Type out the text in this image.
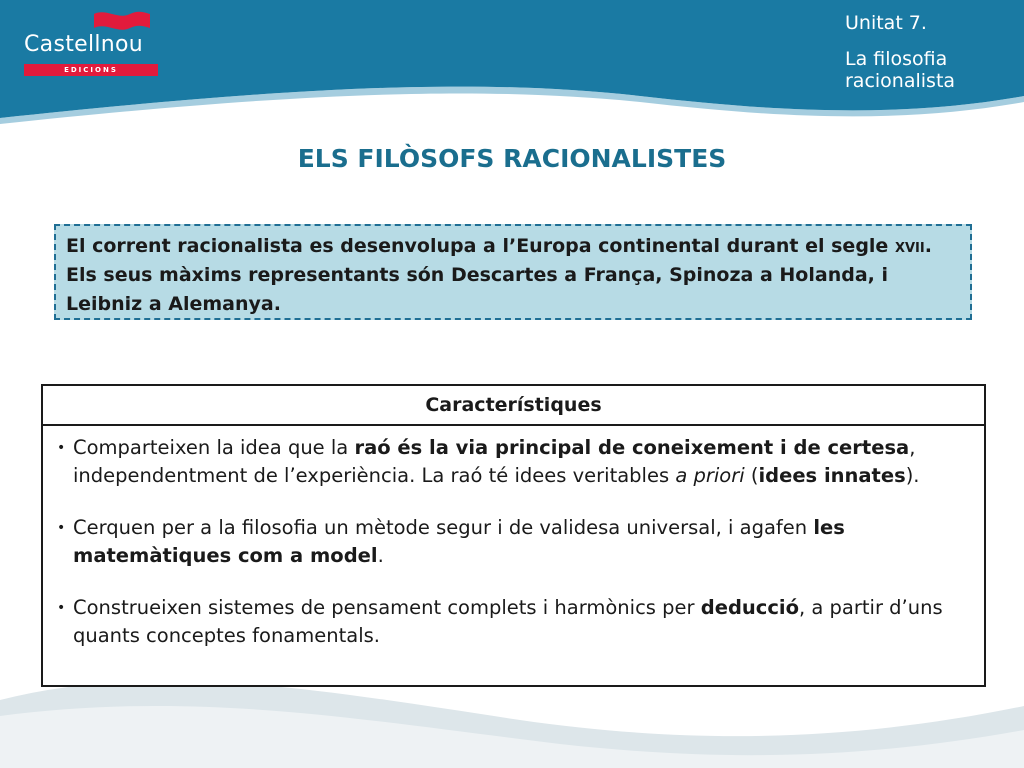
Castellnou
EDICIONS
Unitat 7.
La filosofia racionalista
ELS FILÒSOFS RACIONALISTES

El corrent racionalista es desenvolupa a l’Europa continental durant el segle xvii. Els seus màxims representants són Descartes a França, Spinoza a Holanda, i Leibniz a Alemanya.

Característiques
• Comparteixen la idea que la raó és la via principal de coneixement i de certesa, independentment de l’experiència. La raó té idees veritables a priori (idees innates).
• Cerquen per a la filosofia un mètode segur i de validesa universal, i agafen les matemàtiques com a model.
• Construeixen sistemes de pensament complets i harmònics per deducció, a partir d’uns quants conceptes fonamentals.
